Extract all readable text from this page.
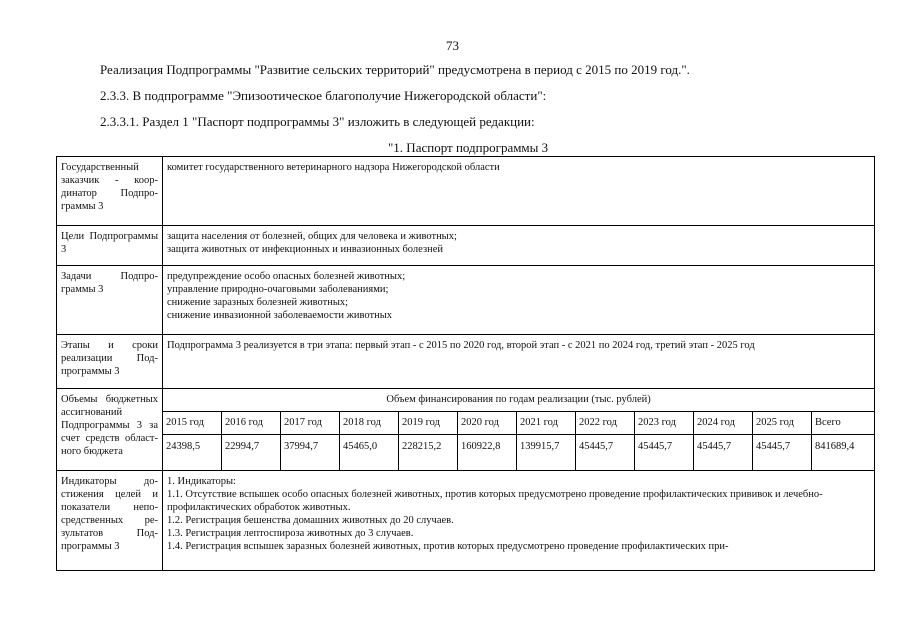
73
Реализация Подпрограммы "Развитие сельских территорий" предусмотрена в период с 2015 по 2019 год.".
2.3.3. В подпрограмме "Эпизоотическое благополучие Нижегородской области":
2.3.3.1. Раздел 1 "Паспорт подпрограммы 3" изложить в следующей редакции:
"1. Паспорт подпрограммы 3
Государственный заказчик - координатор Подпрограммы 3	комитет государственного ветеринарного надзора Нижегородской области											
Цели Подпрограммы 3	защита населения от болезней, общих для человека и животных;
защита животных от инфекционных и инвазионных болезней											

Задачи Подпрограммы 3	предупреждение особо опасных болезней животных;
управление природно-очаговыми заболеваниями;
снижение заразных болезней животных;
снижение инвазионной заболеваемости животных											

Этапы и сроки реализации Подпрограммы 3	Подпрограмма 3 реализуется в три этапа: первый этап - с 2015 по 2020 год, второй этап - с 2021 по 2024 год, третий этап - 2025 год											
Объемы бюджетных ассигнований Подпрограммы 3 за счет средств областного бюджета	Объем финансирования по годам реализации (тыс. рублей)											
	2015 год	2016 год	2017 год	2018 год	2019 год	2020 год	2021 год	2022 год	2023 год	2024 год	2025 год	Всего
	24398,5	22994,7	37994,7	45465,0	228215,2	160922,8	139915,7	45445,7	45445,7	45445,7	45445,7	841689,4
Индикаторы достижения целей и показатели непосредственных результатов Подпрограммы 3	1. Индикаторы:
1.1. Отсутствие вспышек особо опасных болезней животных, против которых предусмотрено проведение профилактических прививок и лечебно-профилактических обработок животных.
1.2. Регистрация бешенства домашних животных до 20 случаев.
1.3. Регистрация лептоспироза животных до 3 случаев.
1.4. Регистрация вспышек заразных болезней животных, против которых предусмотрено проведение профилактических при-											
